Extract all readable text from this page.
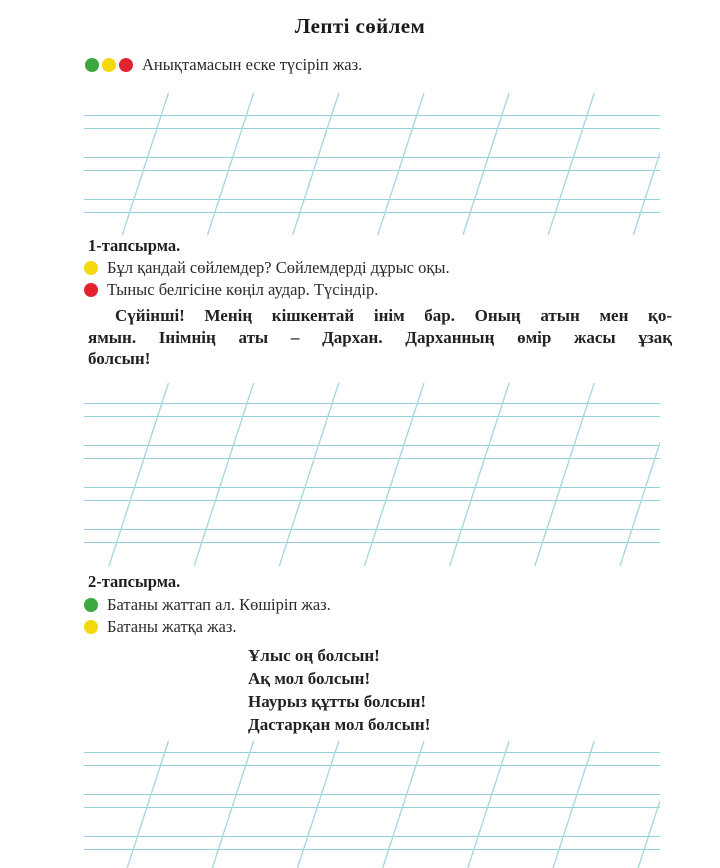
Лепті сөйлем
Анықтамасын еске түсіріп жаз.
1-тапсырма.
Бұл қандай сөйлемдер? Сөйлемдерді дұрыс оқы.
Тыныс белгісіне көңіл аудар. Түсіндір.
Сүйінші! Менің кішкентай інім бар. Оның атын мен қо-
ямын. Інімнің аты – Дархан. Дарханның өмір жасы ұзақ
болсын!
2-тапсырма.
Батаны жаттап ал. Көшіріп жаз.
Батаны жатқа жаз.
Ұлыс оң болсын!
Ақ мол болсын!
Наурыз құтты болсын!
Дастарқан мол болсын!
